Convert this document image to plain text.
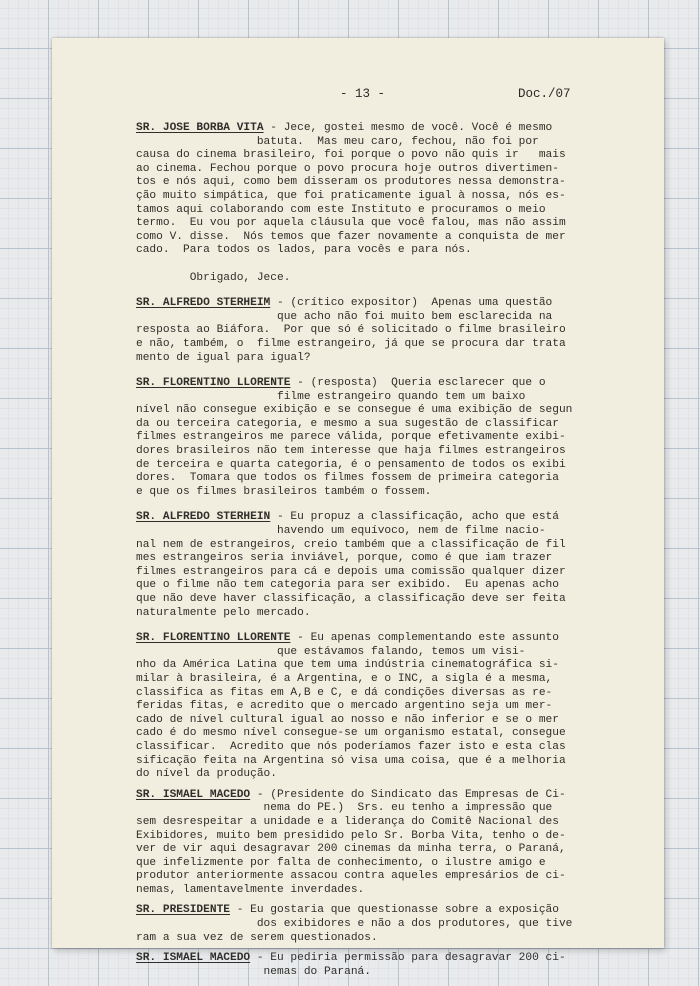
- 13 -	Doc./07
SR. JOSE BORBA VITA - Jece, gostei mesmo de você. Você é mesmo
batuta.  Mas meu caro, fechou, não foi por
causa do cinema brasileiro, foi porque o povo não quis ir   mais
ao cinema. Fechou porque o povo procura hoje outros divertimen-
tos e nós aqui, como bem disseram os produtores nessa demonstra-
ção muito simpática, que foi praticamente igual à nossa, nós es-
tamos aqui colaborando com este Instituto e procuramos o meio
termo.  Eu vou por aquela cláusula que você falou, mas não assim
como V. disse.  Nós temos que fazer novamente a conquista de mer
cado.  Para todos os lados, para vocês e para nós.
Obrigado, Jece.
SR. ALFREDO STERHEIM - (crítico expositor)  Apenas uma questão
que acho não foi muito bem esclarecida na
resposta ao Biáfora.  Por que só é solicitado o filme brasileiro
e não, também, o  filme estrangeiro, já que se procura dar trata
mento de igual para igual?
SR. FLORENTINO LLORENTE - (resposta)  Queria esclarecer que o
filme estrangeiro quando tem um baixo
nível não consegue exibição e se consegue é uma exibição de segun
da ou terceira categoria, e mesmo a sua sugestão de classificar
filmes estrangeiros me parece válida, porque efetivamente exibi-
dores brasileiros não tem interesse que haja filmes estrangeiros
de terceira e quarta categoria, é o pensamento de todos os exibi
dores.  Tomara que todos os filmes fossem de primeira categoria
e que os filmes brasileiros também o fossem.
SR. ALFREDO STERHEIN - Eu propuz a classificação, acho que está
havendo um equívoco, nem de filme nacio-
nal nem de estrangeiros, creio também que a classificação de fil
mes estrangeiros seria inviável, porque, como é que iam trazer
filmes estrangeiros para cá e depois uma comissão qualquer dizer
que o filme não tem categoria para ser exibido.  Eu apenas acho
que não deve haver classificação, a classificação deve ser feita
naturalmente pelo mercado.
SR. FLORENTINO LLORENTE - Eu apenas complementando este assunto
que estávamos falando, temos um visi-
nho da América Latina que tem uma indústria cinematográfica si-
milar à brasileira, é a Argentina, e o INC, a sigla é a mesma,
classifica as fitas em A,B e C, e dá condições diversas as re-
feridas fitas, e acredito que o mercado argentino seja um mer-
cado de nível cultural igual ao nosso e não inferior e se o mer
cado é do mesmo nível consegue-se um organismo estatal, consegue
classificar.  Acredito que nós poderíamos fazer isto e esta clas
sificação feita na Argentina só visa uma coisa, que é a melhoria
do nível da produção.
SR. ISMAEL MACEDO - (Presidente do Sindicato das Empresas de Ci-
nema do PE.)  Srs. eu tenho a impressão que
sem desrespeitar a unidade e a liderança do Comitê Nacional des
Exibidores, muito bem presidido pelo Sr. Borba Vita, tenho o de-
ver de vir aqui desagravar 200 cinemas da minha terra, o Paraná,
que infelizmente por falta de conhecimento, o ilustre amigo e
produtor anteriormente assacou contra aqueles empresários de ci-
nemas, lamentavelmente inverdades.
SR. PRESIDENTE - Eu gostaria que questionasse sobre a exposição
dos exibidores e não a dos produtores, que tive
ram a sua vez de serem questionados.
SR. ISMAEL MACEDO - Eu pediria permissão para desagravar 200 ci-
nemas do Paraná.
